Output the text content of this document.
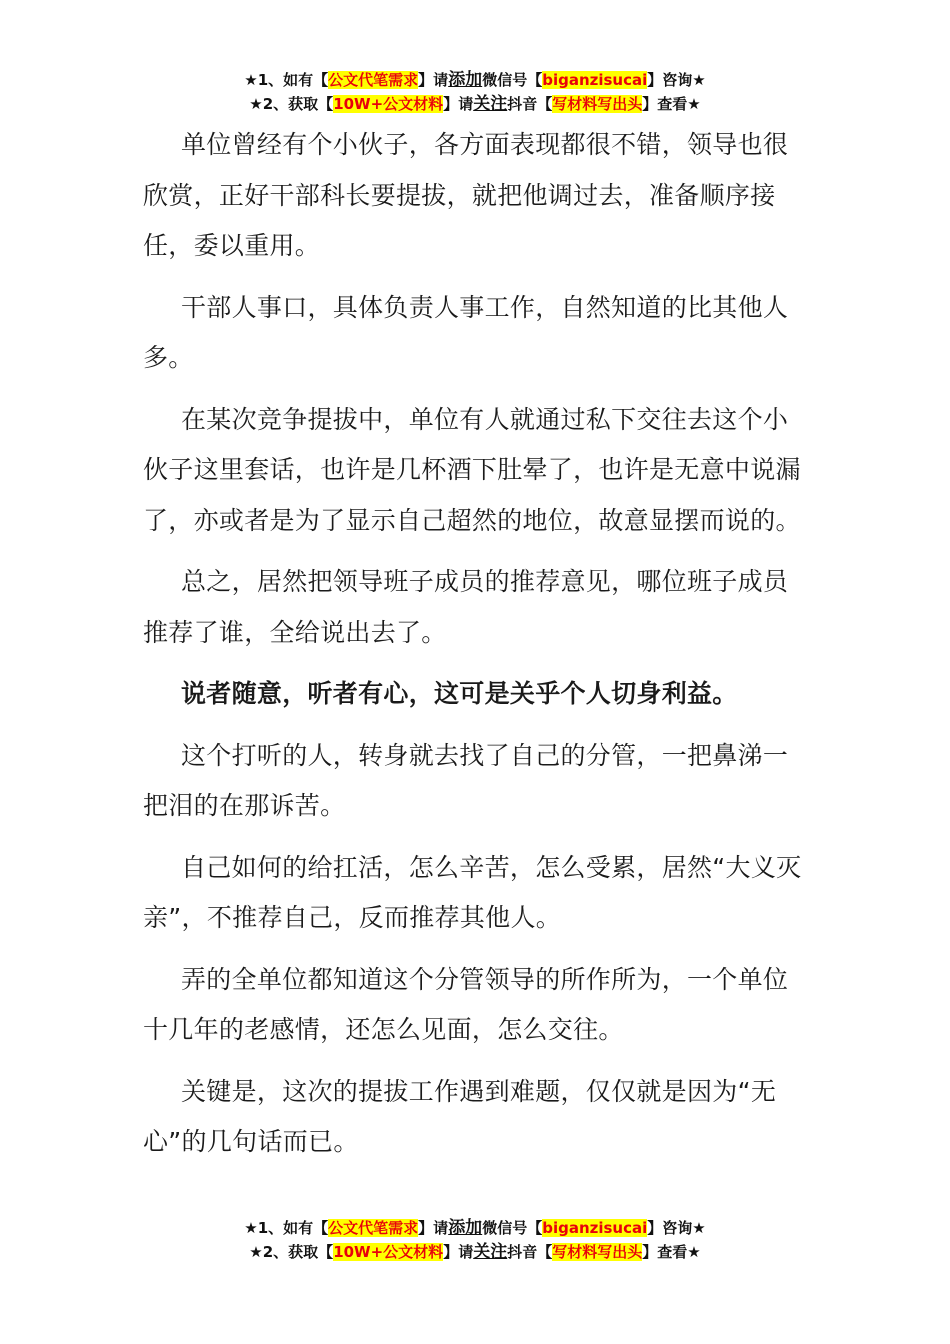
★1、如有【公文代笔需求】请添加微信号【biganzisucai】咨询★
★2、获取【10W+公文材料】请关注抖音【写材料写出头】查看★

单位曾经有个小伙子，各方面表现都很不错，领导也很欣赏，正好干部科长要提拔，就把他调过去，准备顺序接任，委以重用。

干部人事口，具体负责人事工作，自然知道的比其他人多。

在某次竞争提拔中，单位有人就通过私下交往去这个小伙子这里套话，也许是几杯酒下肚晕了，也许是无意中说漏了，亦或者是为了显示自己超然的地位，故意显摆而说的。

总之，居然把领导班子成员的推荐意见，哪位班子成员推荐了谁，全给说出去了。

说者随意，听者有心，这可是关乎个人切身利益。

这个打听的人，转身就去找了自己的分管，一把鼻涕一把泪的在那诉苦。

自己如何的给扛活，怎么辛苦，怎么受累，居然“大义灭亲”，不推荐自己，反而推荐其他人。

弄的全单位都知道这个分管领导的所作所为，一个单位十几年的老感情，还怎么见面，怎么交往。

关键是，这次的提拔工作遇到难题，仅仅就是因为“无心”的几句话而已。

★1、如有【公文代笔需求】请添加微信号【biganzisucai】咨询★
★2、获取【10W+公文材料】请关注抖音【写材料写出头】查看★
